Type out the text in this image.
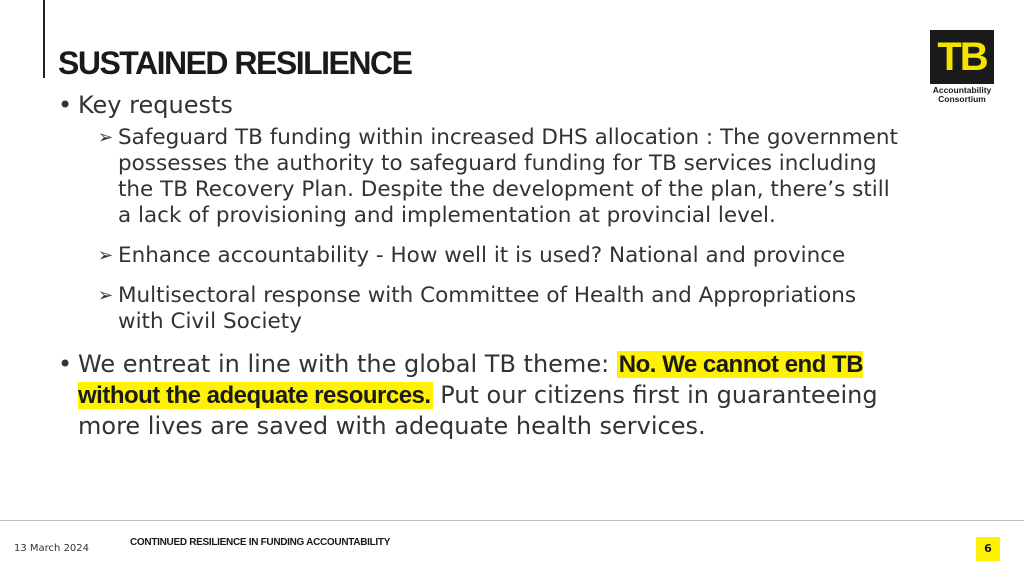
SUSTAINED RESILIENCE	TB
Accountability
Consortium
• Key requests
➢ Safeguard TB funding within increased DHS allocation : The government possesses the authority to safeguard funding for TB services including the TB Recovery Plan. Despite the development of the plan, there’s still a lack of provisioning and implementation at provincial level.
➢ Enhance accountability - How well it is used? National and province
➢ Multisectoral response with Committee of Health and Appropriations with Civil Society
• We entreat in line with the global TB theme: No. We cannot end TB without the adequate resources. Put our citizens first in guaranteeing more lives are saved with adequate health services.
13 March 2024
CONTINUED RESILIENCE IN FUNDING ACCOUNTABILITY	6
